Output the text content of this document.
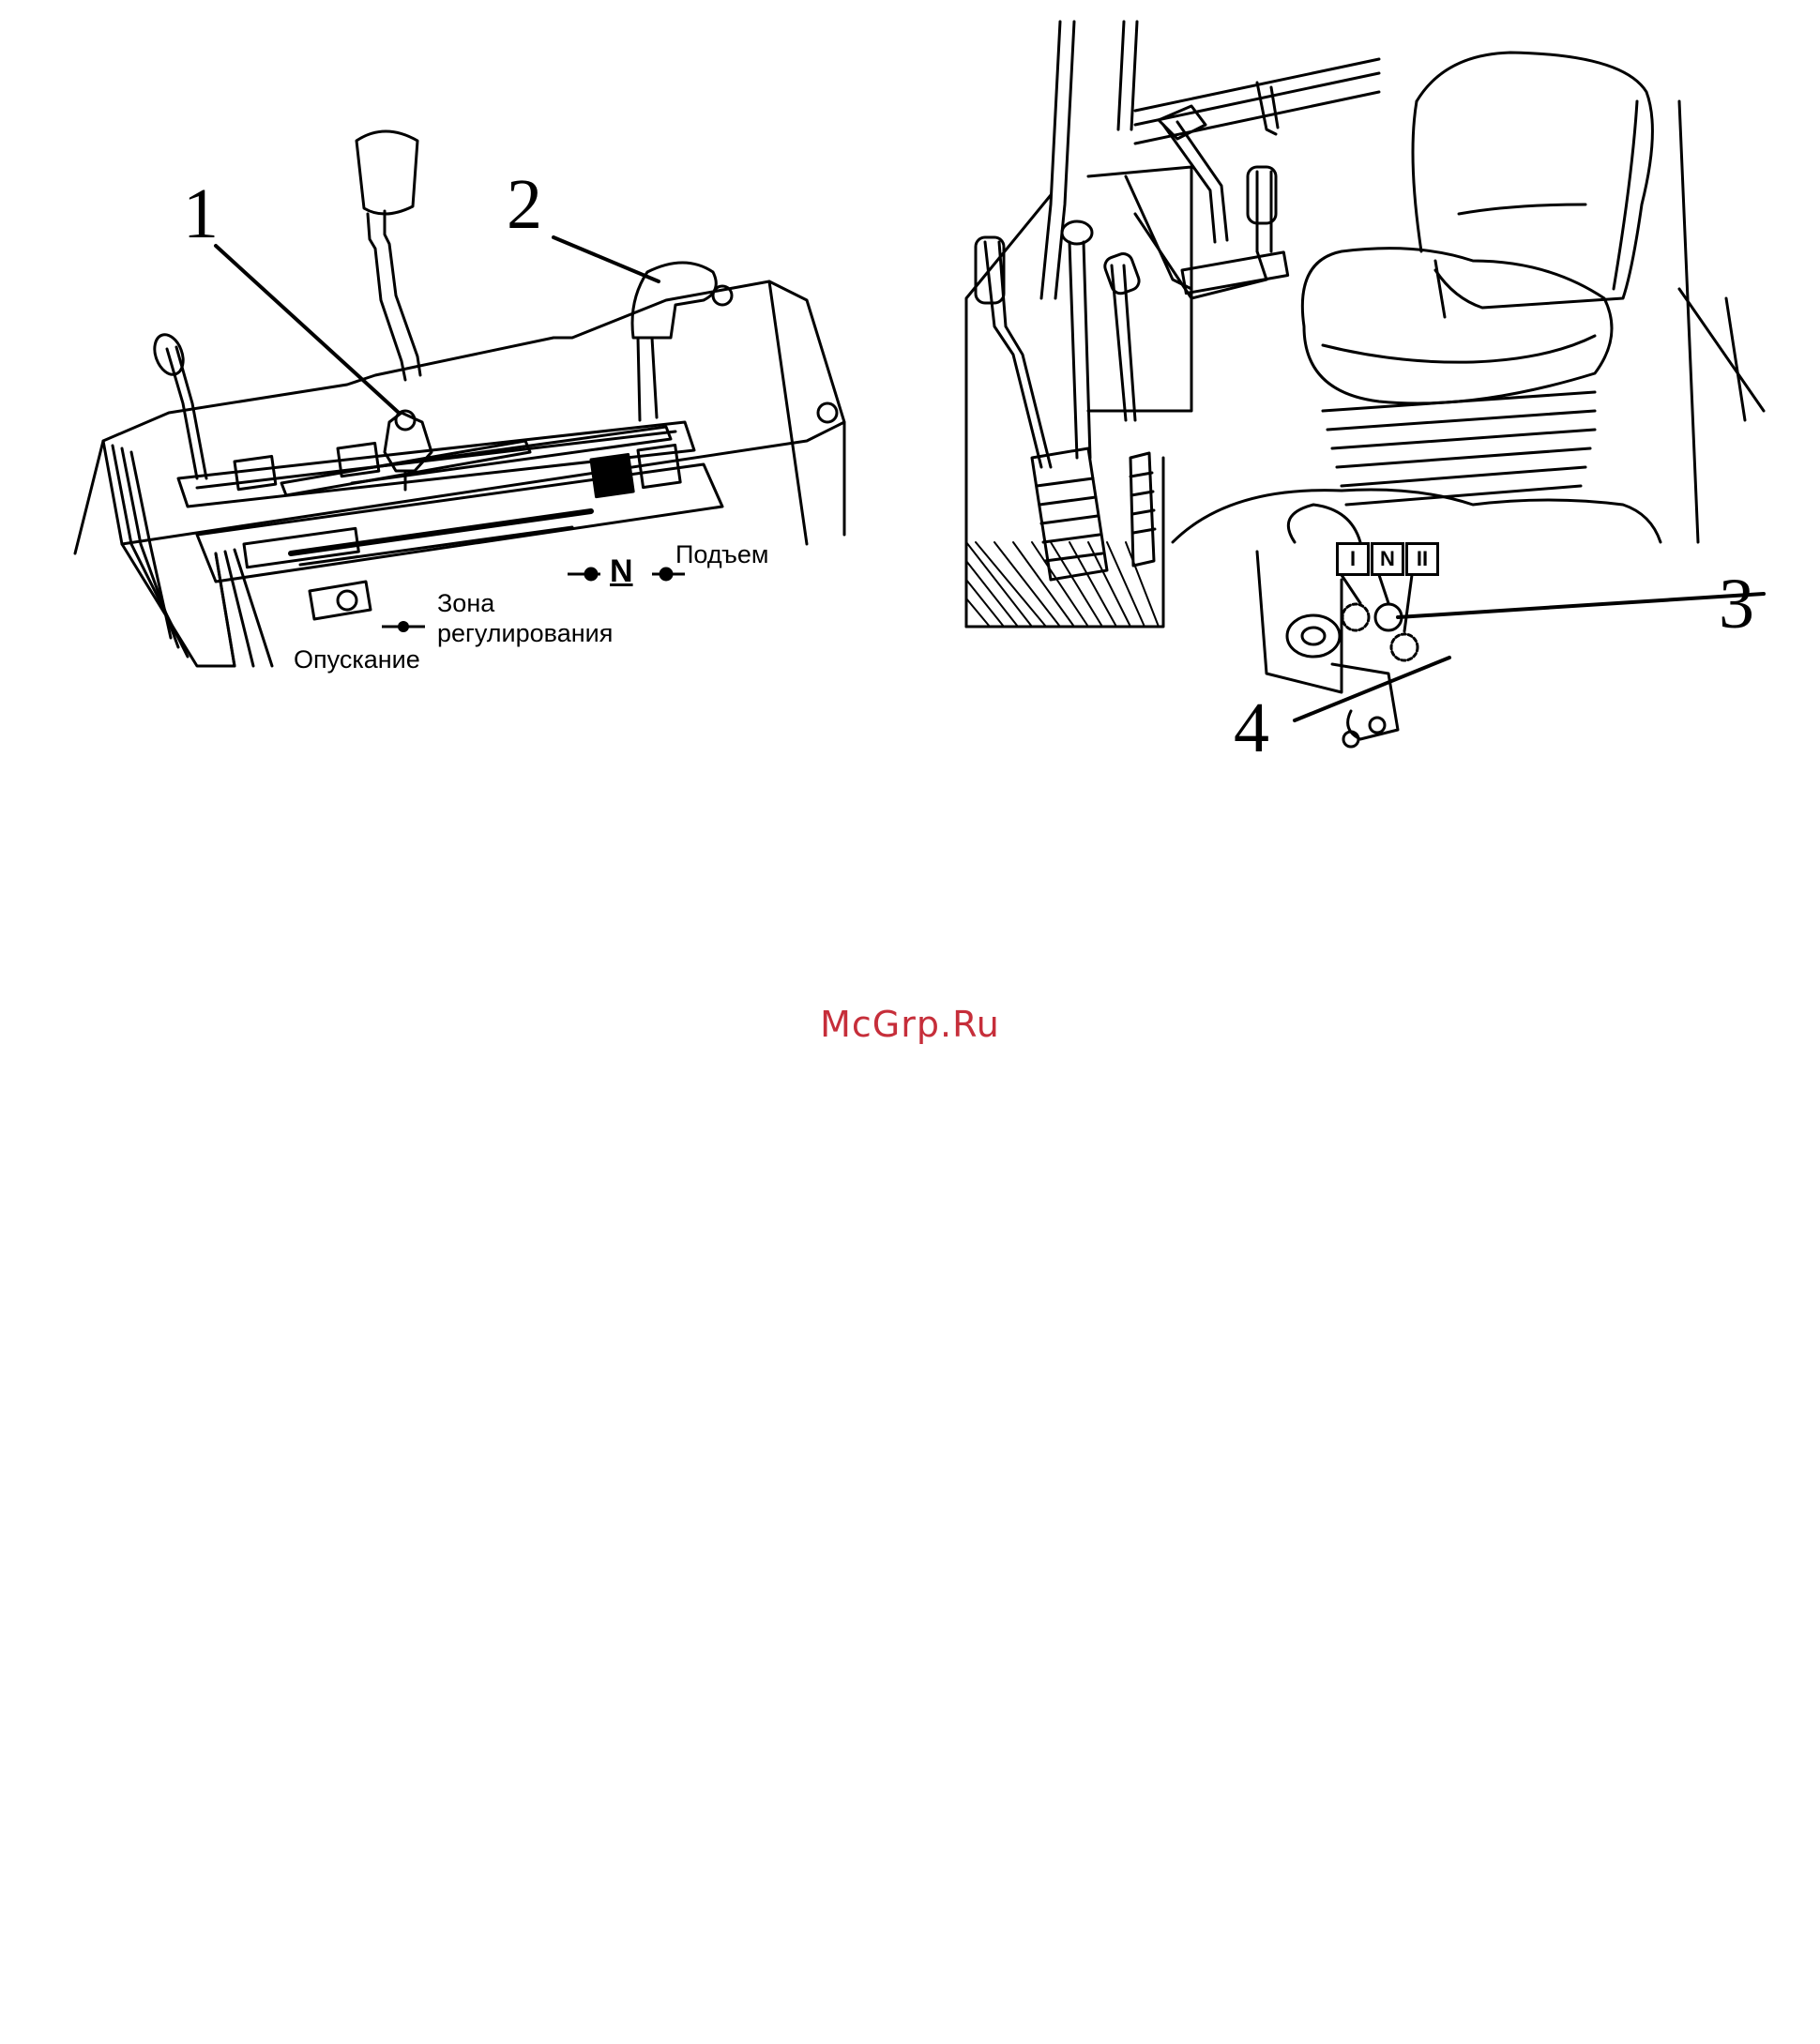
1	2
Подъем
N
Зона
регулирования
Опускание
I	N	II
3
4
McGrp.Ru
